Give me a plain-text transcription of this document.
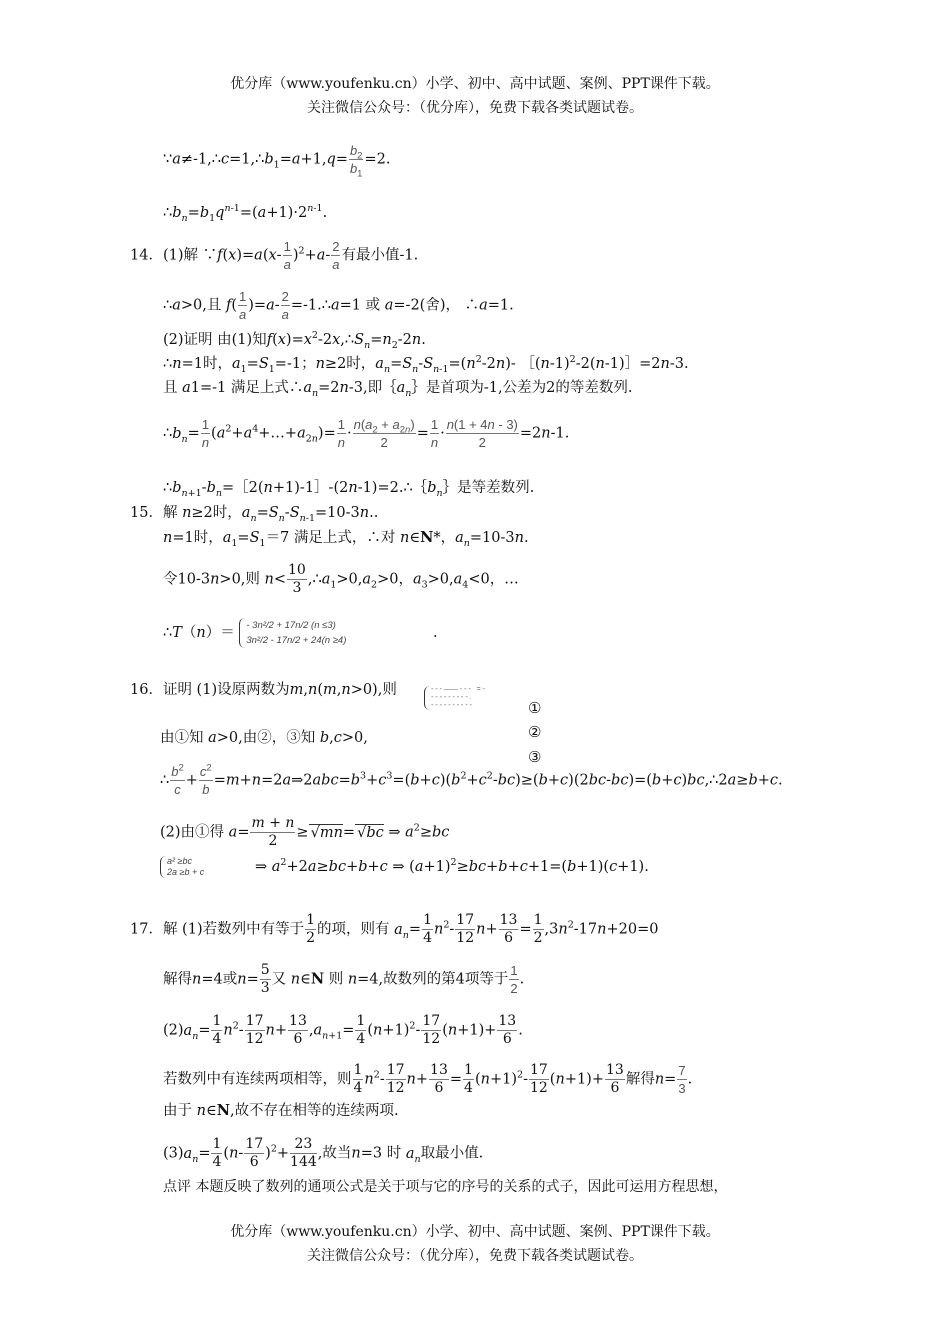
优分库（www.youfenku.cn）小学、初中、高中试题、案例、PPT课件下载。
关注微信公众号：（优分库），免费下载各类试题试卷。
$\because a\ne-1,\therefore c=1,\therefore b_1=a+1,q= \frac{b_2}{b_1} =2$.
$\therefore b_n=b_1q^{n-1}=(a+1)\cdot 2^{n-1}$.
14．(1)解 ∵f(x)=a(x- $\frac{1}{a} )^2+a- \frac{2}{a}$ 有最小值-1.
∴a>0,且 $f( \frac{1}{a} )=a- \frac{2}{a}$ =-1.∴a=1 或 a=-2(舍)， ∴a=1.
(2)证明 由(1)知$f(x)=x^2-2x,\therefore S_n=n_2-2n$.
∴n=1时，$a_1=S_1=-1$；n≥2时，$a_n=S_n-S_{n-1}=(n^2-2n)-$ $[(n-1)^2-2(n-1)]=2n-3$.
且 a1=-1 满足上式$\therefore a_n=2n-3$,即$\{a_n\}$是首项为-1,公差为2的等差数列.
$\therefore b_n= \frac{1}{n}$ $(a^2+a^4+\dots+a_{2n})= \frac{1}{n} \cdot \frac{n(a_2 + a_{2n})}{2} = \frac{1}{n} \cdot \frac{n(1 + 4n - 3)}{2} =2n-1$.
$\therefore b_{n+1}-b_n=[2(n+1)-1]-(2n-1)=2.\therefore\{b_n\}$是等差数列.
15．解 n≥2时，$a_n=S_n-S_{n-1}=10-3n$..
n=1时，$a_1=S_1=7$ 满足上式，∴对 n∈N*，$a_n=10-3n$.
令10-3n>0,则 $n< \frac{10}{3}$ $,\therefore a_1>0,a_2>0$，$a_3>0,a_4<0$，…
∴T（n）＝ - 3n²/2 + 17n/2 (n ≤3)
3n²/2 - 17n/2 + 24(n ≥4)	.
16．证明 (1)设原两数为m,n(m,n>0),则	- - - —— - - -   = -
- - - - - - - - - .
- - - - - - - - - -	①
②
③
由①知 a>0,由②，③知 b,c>0,
∴ $\frac{b^2}{c} + \frac{c^2}{b}$ $=m+n=2a\Rightarrow 2abc=b^3+c^3=(b+c)(b^2+c^2-bc)\ge(b+c)(2bc-bc)=(b+c)bc,\therefore 2a\ge b+c$.
(2)由①得 $a= \frac{m + n}{2} \ge √mn= √bc$ ⇒ $a^2\ge bc$
a² ≥bc
2a ≥b + c	⇒ $a^2+2a\ge bc+b+c$ ⇒ $(a+1)^2\ge bc+b+c+1=(b+1)(c+1)$.
17．解 (1)若数列中有等于 $\frac{1}{2}$ 的项，则有 $a_n= \frac{1}{4} n^2- \frac{17}{12} n+ \frac{13}{6} = \frac{1}{2} ,3n^2-17n+20=0$
解得n=4或$n= \frac{5}{3}$ 又 n∈N 则 n=4,故数列的第4项等于 $\frac{1}{2}$ .
$(2)a_n= \frac{1}{4} n^2- \frac{17}{12} n+ \frac{13}{6} ,a_{n+1}= \frac{1}{4} (n+1)^2- \frac{17}{12} (n+1)+ \frac{13}{6}$ .
若数列中有连续两项相等，则 $\frac{1}{4} n^2- \frac{17}{12} n+ \frac{13}{6} = \frac{1}{4} (n+1)^2- \frac{17}{12} (n+1)+ \frac{13}{6}$ 解得$n= \frac{7}{3}$ .
由于 n∈N,故不存在相等的连续两项.
$(3)a_n= \frac{1}{4} (n- \frac{17}{6} )^2+ \frac{23}{144}$ ,故当n=3 时 $a_n$取最小值.
点评 本题反映了数列的通项公式是关于项与它的序号的关系的式子，因此可运用方程思想，
优分库（www.youfenku.cn）小学、初中、高中试题、案例、PPT课件下载。
关注微信公众号：（优分库），免费下载各类试题试卷。
